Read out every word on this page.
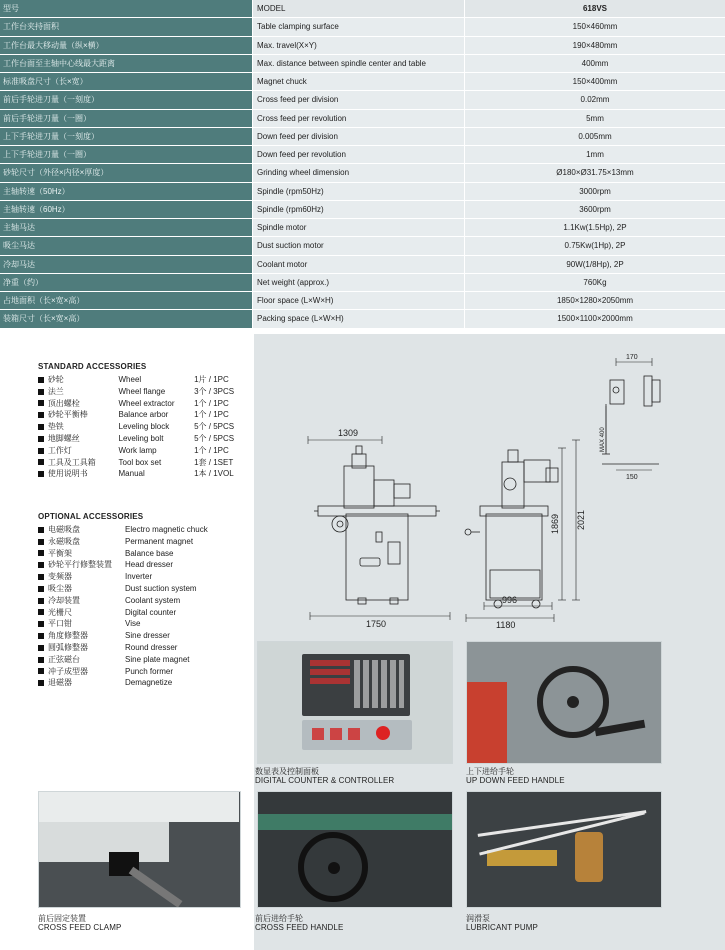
型号	MODEL	618VS
工作台夹持面积	Table clamping surface	150×460mm
工作台最大移动量（纵×横）	Max. travel(X×Y)	190×480mm
工作台面至主轴中心线最大距离	Max. distance between spindle center and table	400mm
标准吸盘尺寸（长×宽）	Magnet chuck	150×400mm
前后手轮进刀量（一刻度）	Cross feed per division	0.02mm
前后手轮进刀量（一圈）	Cross feed per revolution	5mm
上下手轮进刀量（一刻度）	Down feed per division	0.005mm
上下手轮进刀量（一圈）	Down feed per revolution	1mm
砂轮尺寸（外径×内径×厚度）	Grinding wheel dimension	Ø180×Ø31.75×13mm
主轴转速（50Hz）	Spindle (rpm50Hz)	3000rpm
主轴转速（60Hz）	Spindle (rpm60Hz)	3600rpm
主轴马达	Spindle motor	1.1Kw(1.5Hp), 2P
吸尘马达	Dust suction motor	0.75Kw(1Hp), 2P
冷却马达	Coolant motor	90W(1/8Hp), 2P
净重（约）	Net weight (approx.)	760Kg
占地面积（长×宽×高）	Floor space (L×W×H)	1850×1280×2050mm
装箱尺寸（长×宽×高）	Packing space (L×W×H)	1500×1100×2000mm
STANDARD ACCESSORIES
砂轮	Wheel	1片 / 1PC
法兰	Wheel flange	3个 / 3PCS
顶出螺栓	Wheel extractor	1个 / 1PC
砂轮平衡棒	Balance arbor	1个 / 1PC
垫铁	Leveling block	5个 / 5PCS
地脚螺丝	Leveling bolt	5个 / 5PCS
工作灯	Work lamp	1个 / 1PC
工具及工具箱	Tool box set	1套 / 1SET
使用说明书	Manual	1本 / 1VOL
OPTIONAL ACCESSORIES
电磁吸盘	Electro magnetic chuck
永磁吸盘	Permanent magnet
平衡架	Balance base
砂轮平行修整装置	Head dresser
变频器	Inverter
吸尘器	Dust suction system
冷却装置	Coolant system
光栅尺	Digital counter
平口钳	Vise
角度修整器	Sine dresser
圆弧修整器	Round dresser
正弦磁台	Sine plate magnet
冲子成型器	Punch former
退磁器	Demagnetize
1309
1750
996
1180
1869 2021
170
150
MAX 400
数显表及控制面板
DIGITAL COUNTER & CONTROLLER
上下进给手轮
UP DOWN FEED HANDLE
前后固定装置
CROSS FEED CLAMP
前后进给手轮
CROSS FEED HANDLE
润滑泵
LUBRICANT PUMP
